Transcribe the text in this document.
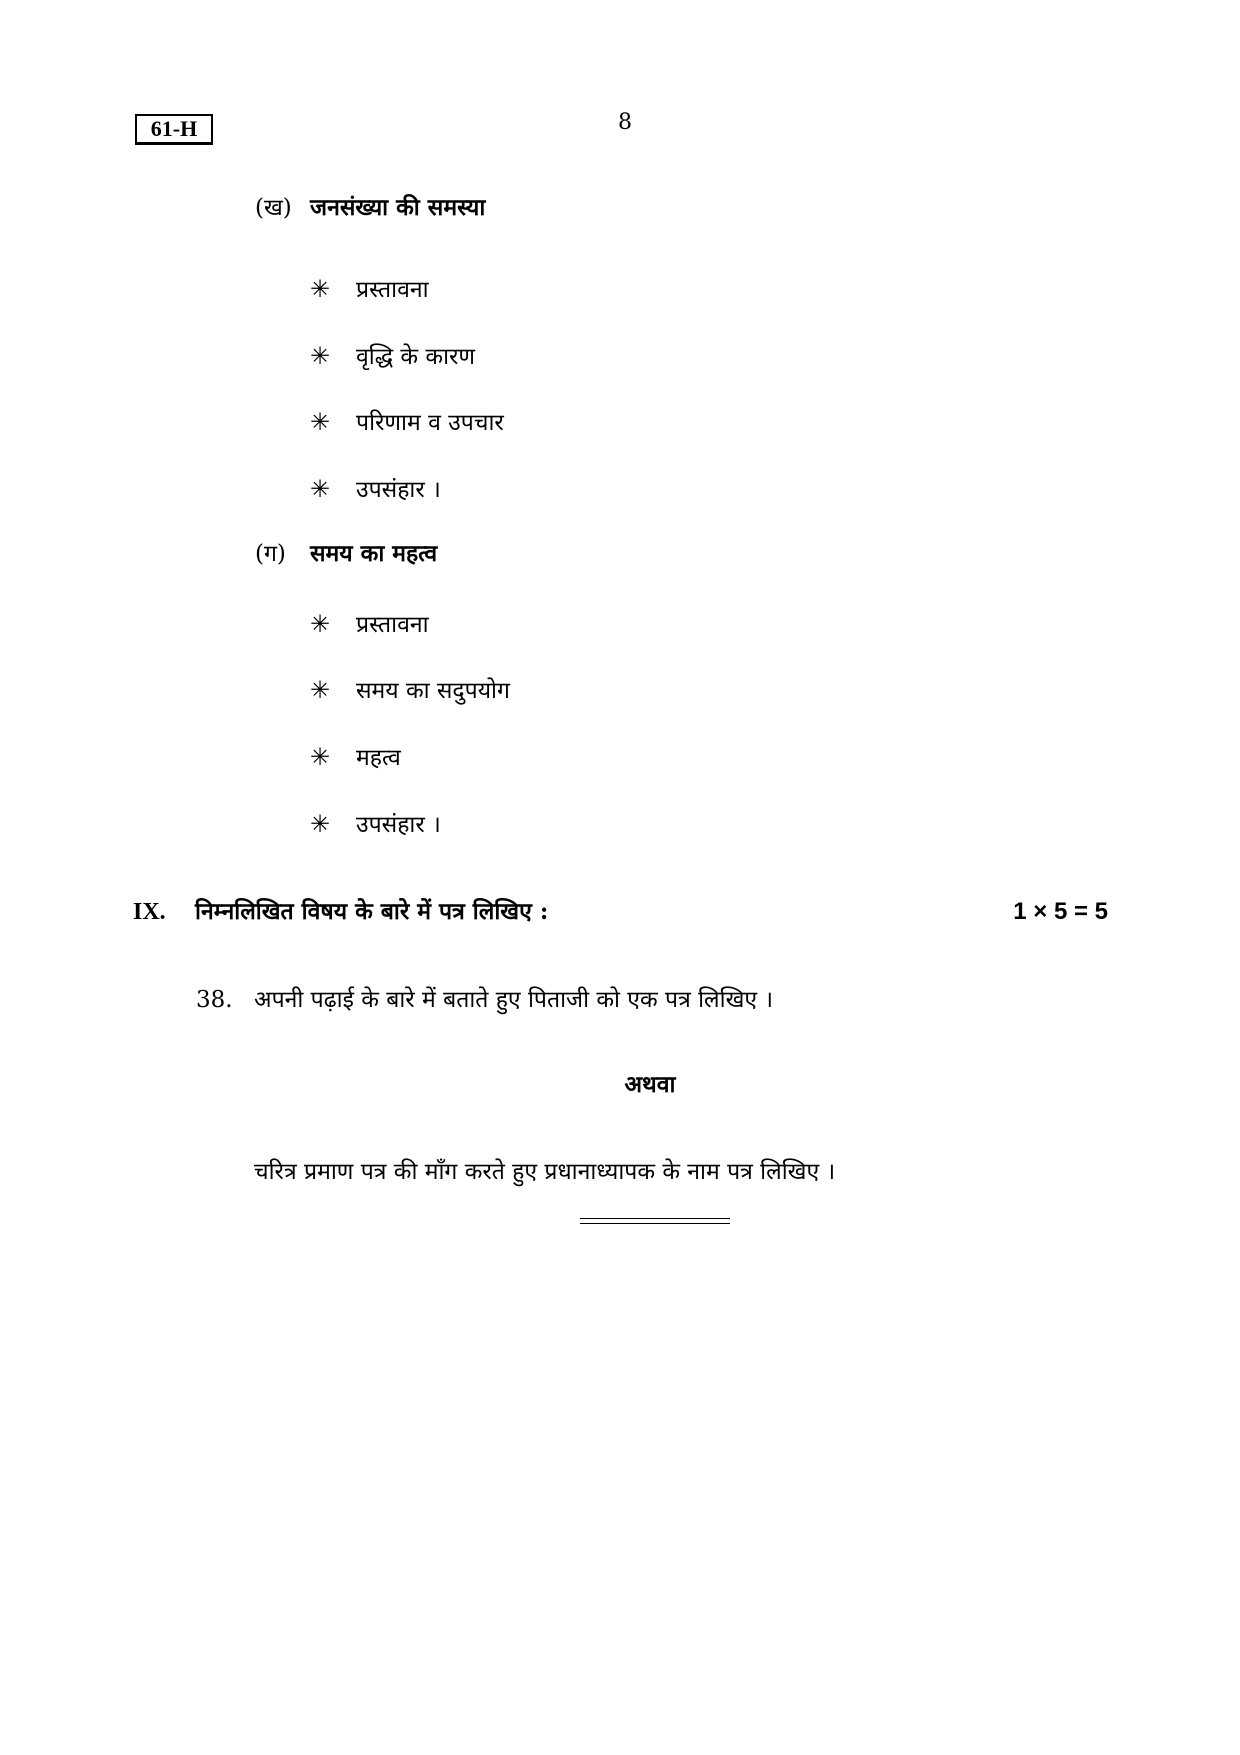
61-H	8
(ख) जनसंख्या की समस्या
✳ प्रस्तावना
✳ वृद्धि के कारण
✳ परिणाम व उपचार
✳ उपसंहार ।
(ग) समय का महत्व
✳ प्रस्तावना
✳ समय का सदुपयोग
✳ महत्व
✳ उपसंहार ।
IX. निम्नलिखित विषय के बारे में पत्र लिखिए :	1 × 5 = 5
38. अपनी पढ़ाई के बारे में बताते हुए पिताजी को एक पत्र लिखिए ।
अथवा
चरित्र प्रमाण पत्र की माँग करते हुए प्रधानाध्यापक के नाम पत्र लिखिए ।
